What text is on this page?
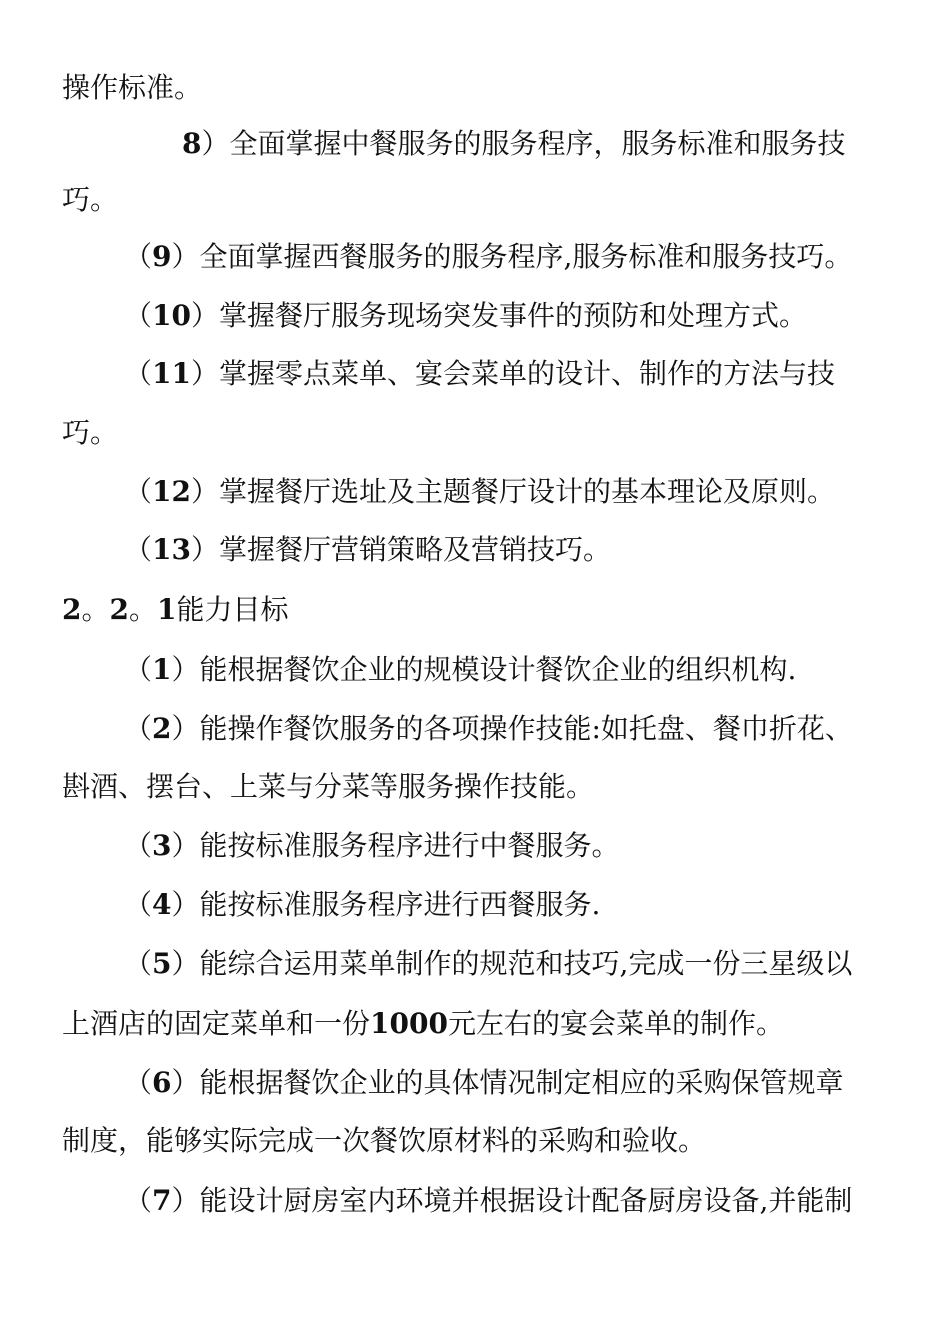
操作标准。
8）全面掌握中餐服务的服务程序，服务标准和服务技
巧。
（9）全面掌握西餐服务的服务程序,服务标准和服务技巧。
（10）掌握餐厅服务现场突发事件的预防和处理方式。
（11）掌握零点菜单、宴会菜单的设计、制作的方法与技
巧。
（12）掌握餐厅选址及主题餐厅设计的基本理论及原则。
（13）掌握餐厅营销策略及营销技巧。
2。2。1能力目标
（1）能根据餐饮企业的规模设计餐饮企业的组织机构.
（2）能操作餐饮服务的各项操作技能:如托盘、餐巾折花、
斟酒、摆台、上菜与分菜等服务操作技能。
（3）能按标准服务程序进行中餐服务。
（4）能按标准服务程序进行西餐服务.
（5）能综合运用菜单制作的规范和技巧,完成一份三星级以
上酒店的固定菜单和一份1000元左右的宴会菜单的制作。
（6）能根据餐饮企业的具体情况制定相应的采购保管规章
制度，能够实际完成一次餐饮原材料的采购和验收。
（7）能设计厨房室内环境并根据设计配备厨房设备,并能制
